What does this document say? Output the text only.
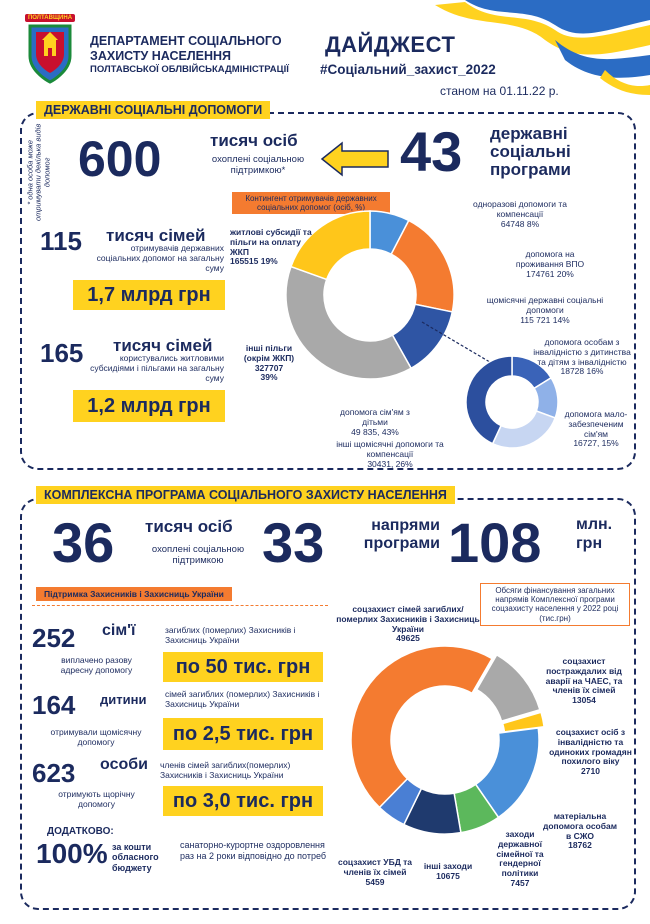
ПОЛТАВЩИНА
ДЕПАРТАМЕНТ СОЦІАЛЬНОГО
ЗАХИСТУ НАСЕЛЕННЯ
ПОЛТАВСЬКОЇ ОБЛВІЙСЬКАДМІНІСТРАЦІЇ
ДАЙДЖЕСТ
#Соціальний_захист_2022
станом на 01.11.22 р.
ДЕРЖАВНІ СОЦІАЛЬНІ ДОПОМОГИ
* одна особа може отримувати декілька видів допомог 600	тисяч осіб
охоплені соціальною підтримкою*	43 державні
соціальні
програми
115 тисяч сімей
отримувачів державних соціальних допомог на загальну суму
1,7 млрд грн
165 тисяч сімей
користувались житловими субсидіями і пільгами на загальну суму
1,2 млрд грн
Контингент отримувачів державних соціальних допомог (осіб, %)	одноразові допомоги та компенсації
64748 8%
допомога на проживання ВПО
174761 20%
щомісячні державні соціальні допомоги
115 721 14%
житлові субсидії та пільги на оплату ЖКП
165515 19%
інші пільги (окрім ЖКП)
327707
39%
допомога особам з інвалідністю з дитинства та дітям з інвалідністю
18728 16%
допомога мало-забезпеченим сім'ям
16727, 15%
допомога сім'ям з дітьми
49 835, 43%
інші щомісячні допомоги та компенсації
30431, 26%
КОМПЛЕКСНА ПРОГРАМА СОЦІАЛЬНОГО ЗАХИСТУ НАСЕЛЕННЯ
36 тисяч осіб
охоплені соціальною підтримкою 33	напрями
програми 108 млн.
грн
Підтримка Захисників і Захисниць України
252 сім'ї	загиблих (померлих) Захисників і Захисниць України
виплачено разову адресну допомогу	по 50 тис. грн
164 дитини сімей загиблих (померлих) Захисників і Захисниць України
отримували щомісячну допомогу	по 2,5 тис. грн
623 особи членів сімей загиблих(померлих) Захисників і Захисниць України
отримують щорічну допомогу	по 3,0 тис. грн
ДОДАТКОВО:
100% за кошти обласного бюджету
санаторно-курортне оздоровлення раз на 2 роки відповідно до потреб
Обсяги фінансування загальних напрямів Комплексної програми соцзахисту населення у 2022 році (тис.грн)
соцзахист сімей загиблих/померлих Захисників і Захисниць України
49625
соцзахист постраждалих від аварії на ЧАЕС, та членів їх сімей
13054
соцзахист осіб з інвалідністю та одиноких громадян похилого віку
2710
матеріальна допомога особам в СЖО
18762
заходи державної сімейної та гендерної політики
7457
інші заходи
10675
соцзахист УБД та членів їх сімей
5459
